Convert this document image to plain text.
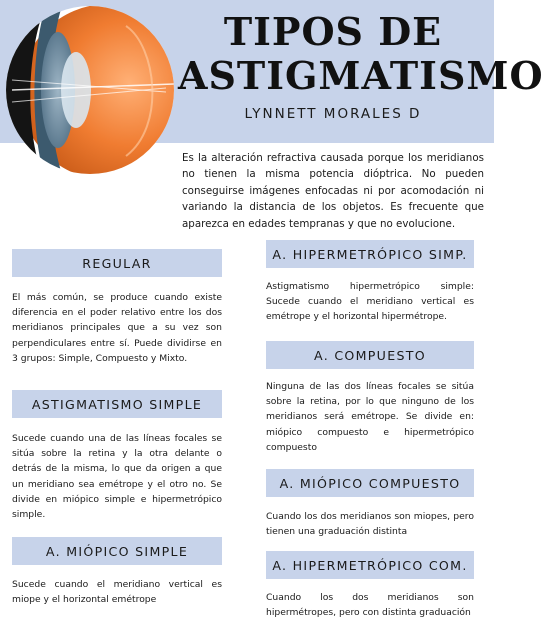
TIPOS DE
ASTIGMATISMO
LYNNETT MORALES D

Es la alteración refractiva causada porque los meridianos no tienen la misma potencia dióptrica. No pueden conseguirse imágenes enfocadas ni por acomodación ni variando la distancia de los objetos. Es frecuente que aparezca en edades tempranas y que no evolucione.

REGULAR

El más común, se produce cuando existe diferencia en el poder relativo entre los dos meridianos principales que a su vez son perpendiculares entre sí. Puede dividirse en 3 grupos: Simple, Compuesto y Mixto.

ASTIGMATISMO SIMPLE

Sucede cuando una de las líneas focales se sitúa sobre la retina y la otra delante o detrás de la misma, lo que da origen a que un meridiano sea emétrope y el otro no. Se divide en miópico simple e hipermetrópico simple.

A. MIÓPICO SIMPLE

Sucede cuando el meridiano vertical es miope y el horizontal emétrope

A. HIPERMETRÓPICO SIMP.

Astigmatismo hipermetrópico simple: Sucede cuando el meridiano vertical es emétrope y el horizontal hipermétrope.

A. COMPUESTO

Ninguna de las dos líneas focales se sitúa sobre la retina, por lo que ninguno de los meridianos será emétrope. Se divide en: miópico compuesto e hipermetrópico compuesto

A. MIÓPICO COMPUESTO

Cuando los dos meridianos son miopes, pero tienen una graduación distinta

A. HIPERMETRÓPICO COM.

Cuando los dos meridianos son hipermétropes, pero con distinta graduación
